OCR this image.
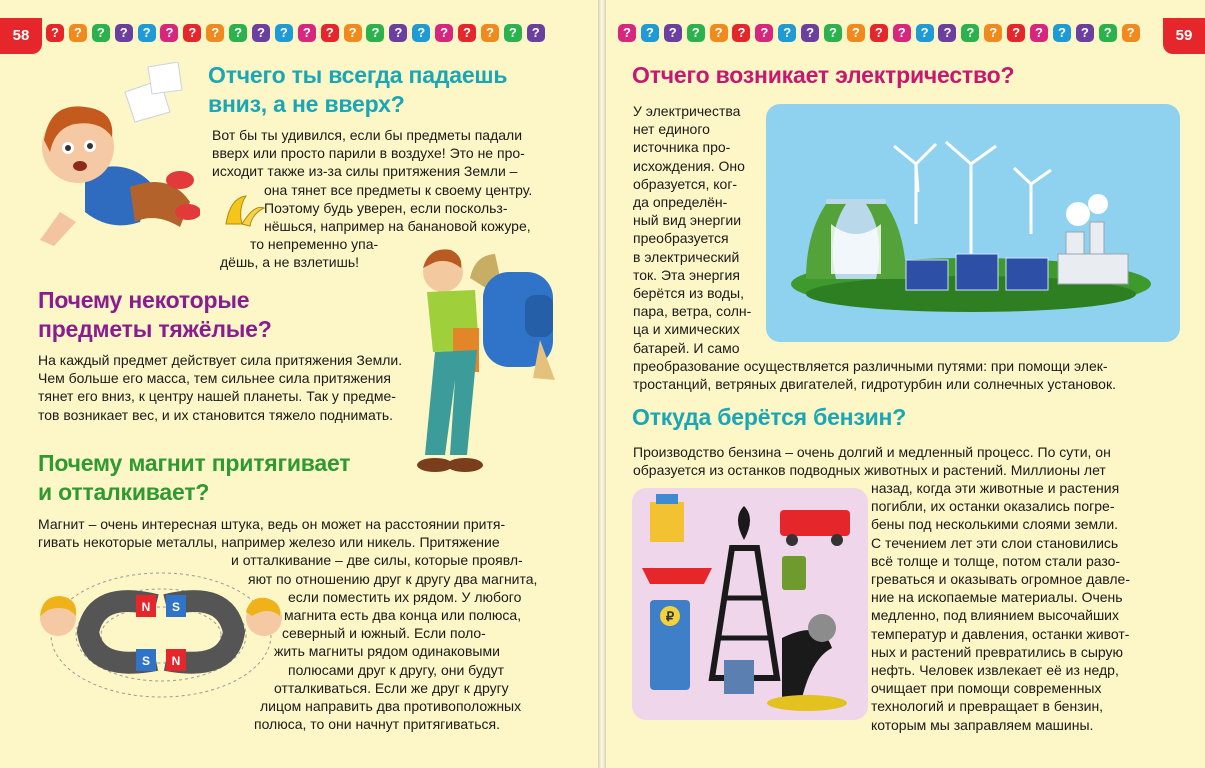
58	?	?	?	?	?	?	?	?	?	?	?	?	?	?	?	?	?	?	?	?	?	?
Отчего ты всегда падаешь
вниз, а не вверх?
Вот бы ты удивился, если бы предметы падали
вверх или просто парили в воздухе! Это не про-
исходит также из-за силы притяжения Земли –
она тянет все предметы к своему центру.
Поэтому будь уверен, если поскольз-
нёшься, например на банановой кожуре,
то непременно упа-
дёшь, а не взлетишь!
Почему некоторые
предметы тяжёлые?
На каждый предмет действует сила притяжения Земли.
Чем больше его масса, тем сильнее сила притяжения
тянет его вниз, к центру нашей планеты. Так у предме-
тов возникает вес, и их становится тяжело поднимать.
Почему магнит притягивает
и отталкивает?
Магнит – очень интересная штука, ведь он может на расстоянии притя-
гивать некоторые металлы, например железо или никель. Притяжение
и отталкивание – две силы, которые проявл-
яют по отношению друг к другу два магнита,
если поместить их рядом. У любого
магнита есть два конца или полюса,
северный и южный. Если поло-
жить магниты рядом одинаковыми
полюсами друг к другу, они будут
отталкиваться. Если же друг к другу
лицом направить два противоположных
полюса, то они начнут притягиваться.
N
S
S
N
59
?	?	?	?	?	?	?	?	?	?	?	?	?	?	?	?	?	?	?	?	?	?	?
Отчего возникает электричество?
У электричества
нет единого
источника про-
исхождения. Оно
образуется, ког-
да определён-
ный вид энергии
преобразуется
в электрический
ток. Эта энергия
берётся из воды,
пара, ветра, солн-
ца и химических
батарей. И само
преобразование осуществляется различными путями: при помощи элек-
тростанций, ветряных двигателей, гидротурбин или солнечных установок.
Откуда берётся бензин?
Производство бензина – очень долгий и медленный процесс. По сути, он
образуется из останков подводных животных и растений. Миллионы лет
₽
назад, когда эти животные и растения
погибли, их останки оказались погре-
бены под несколькими слоями земли.
С течением лет эти слои становились
всё толще и толще, потом стали разо-
греваться и оказывать огромное давле-
ние на ископаемые материалы. Очень
медленно, под влиянием высочайших
температур и давления, останки живот-
ных и растений превратились в сырую
нефть. Человек извлекает её из недр,
очищает при помощи современных
технологий и превращает в бензин,
которым мы заправляем машины.
